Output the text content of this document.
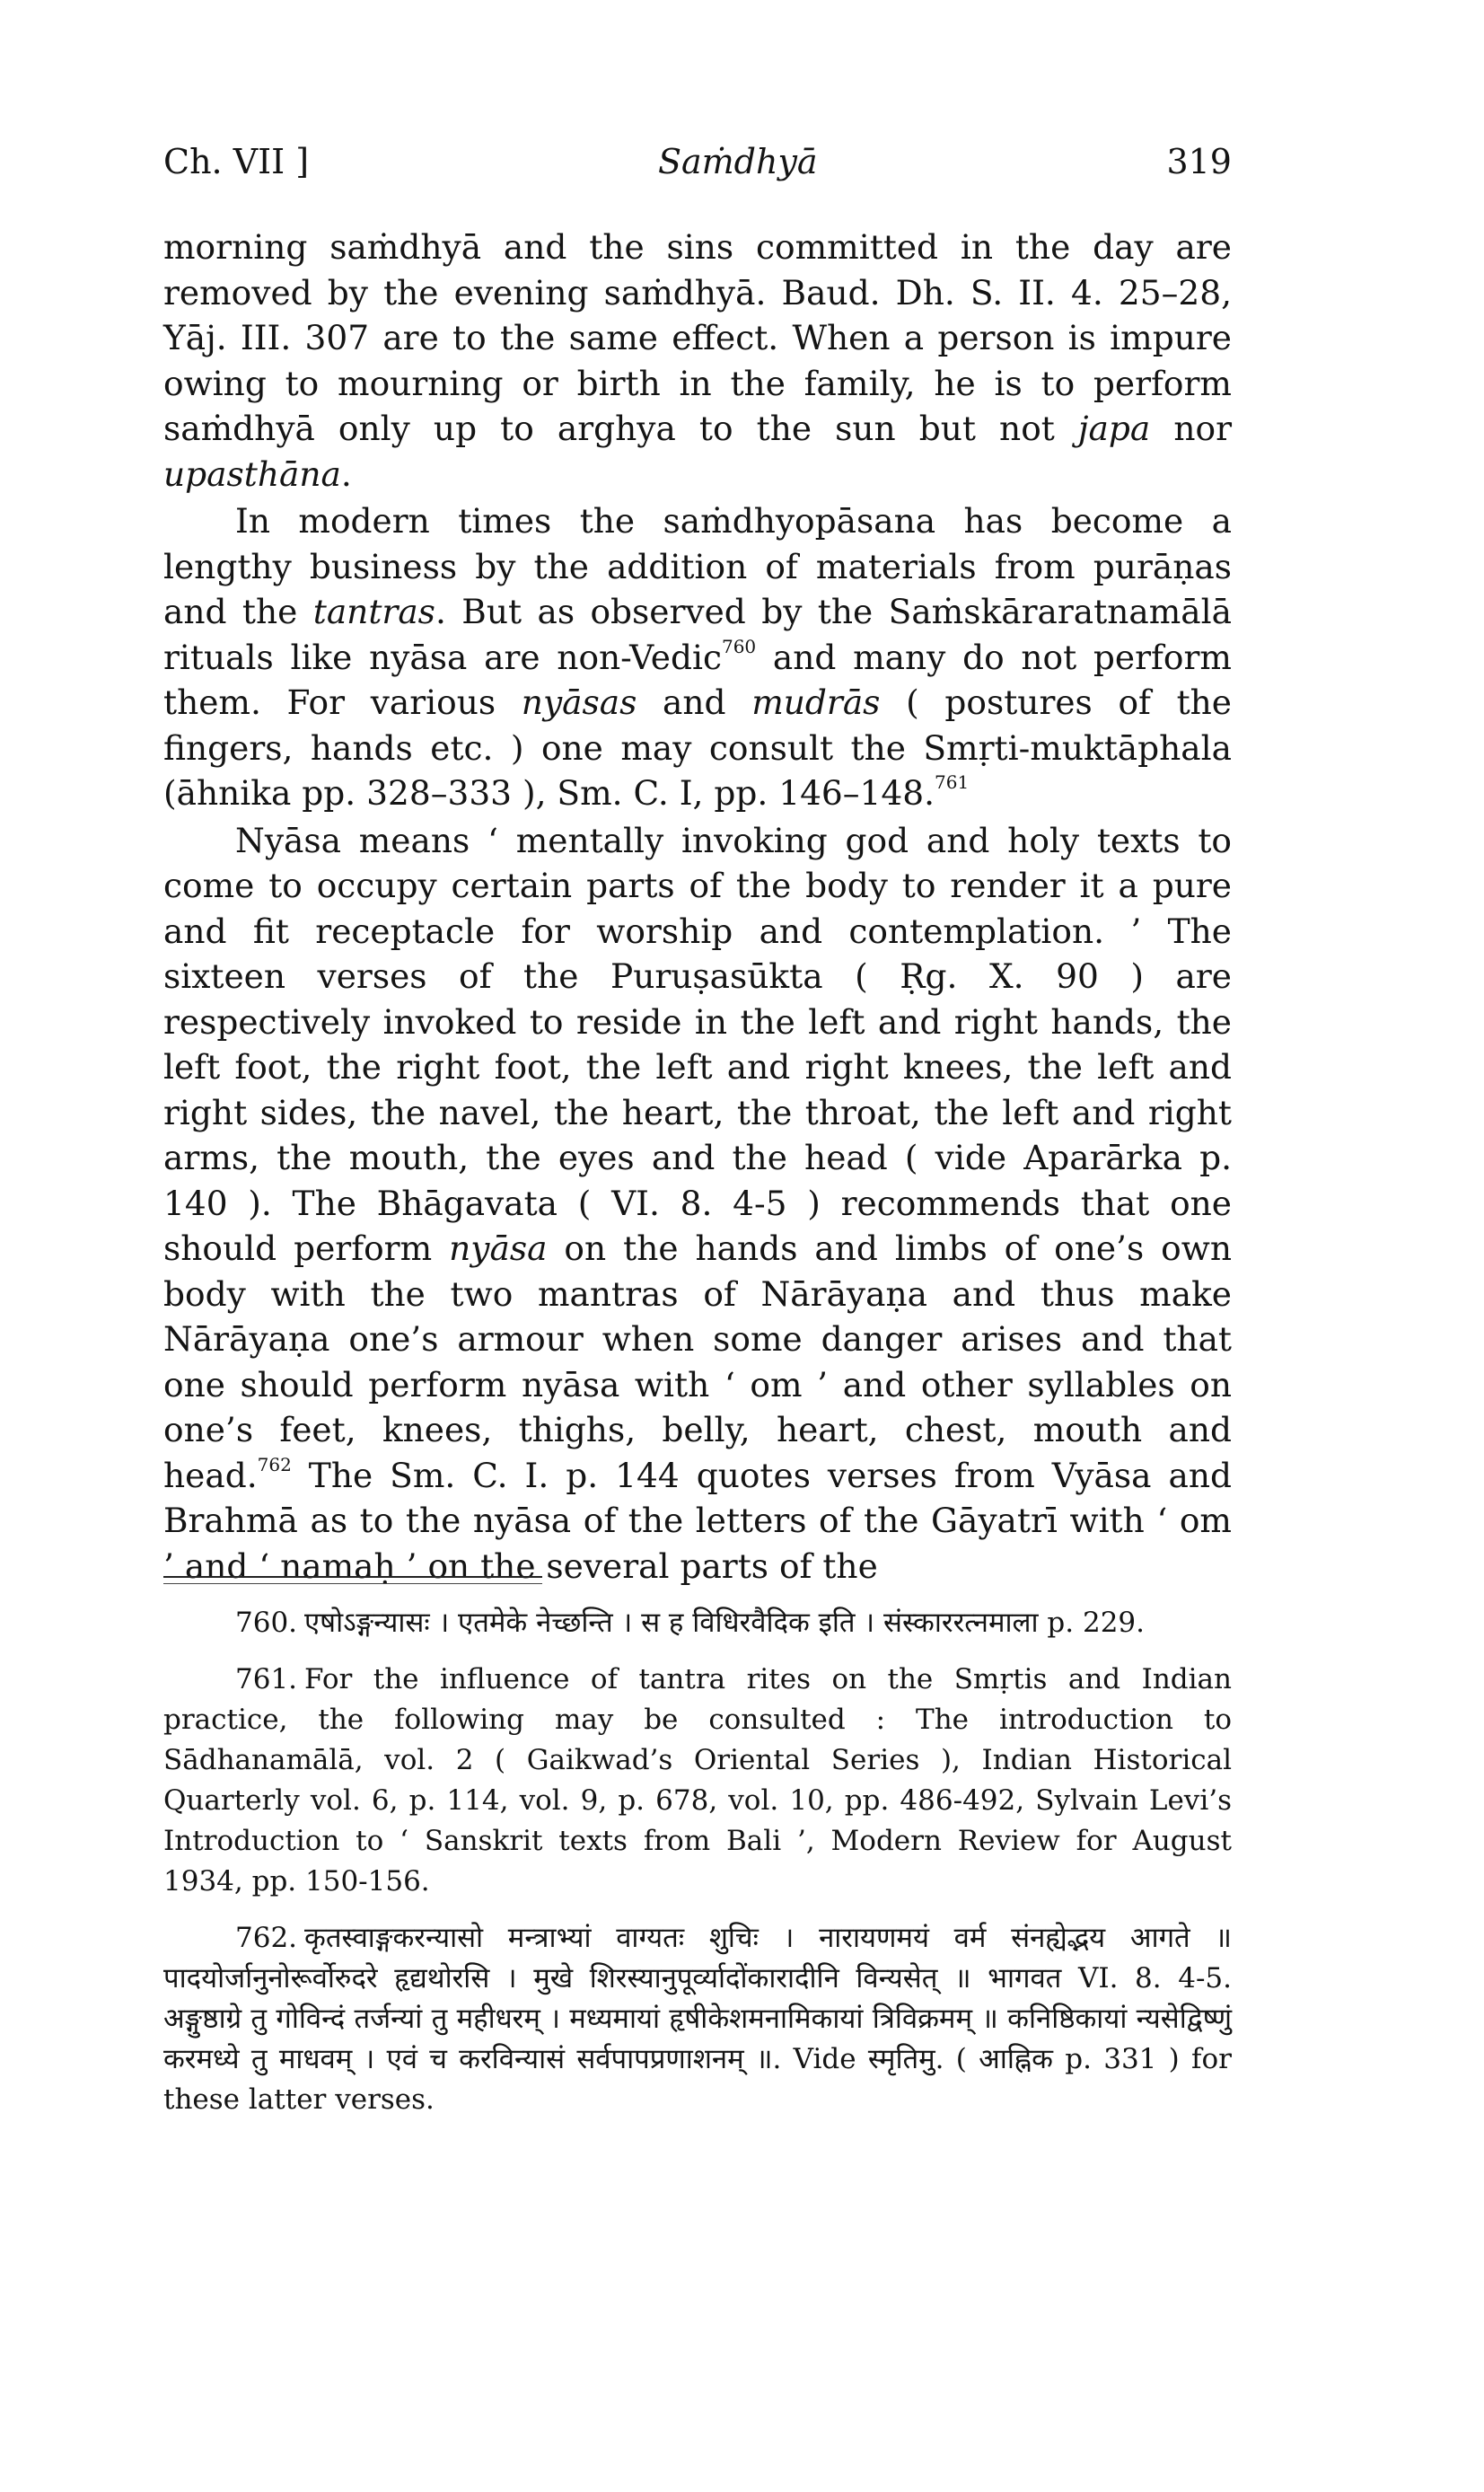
Ch. VII ]	Saṁdhyā	319

morning saṁdhyā and the sins committed in the day are removed by the evening saṁdhyā. Baud. Dh. S. II. 4. 25–28, Yāj. III. 307 are to the same effect. When a person is impure owing to mourning or birth in the family, he is to perform saṁdhyā only up to arghya to the sun but not japa nor upasthāna.

In modern times the saṁdhyopāsana has become a lengthy business by the addition of materials from purāṇas and the tantras. But as observed by the Saṁskāraratnamālā rituals like nyāsa are non-Vedic$^{760}$ and many do not perform them. For various nyāsas and mudrās ( postures of the fingers, hands etc. ) one may consult the Smṛti-muktāphala (āhnika pp. 328–333 ), Sm. C. I, pp. 146–148.$^{761}$

Nyāsa means ‘ mentally invoking god and holy texts to come to occupy certain parts of the body to render it a pure and fit receptacle for worship and contemplation. ’ The sixteen verses of the Puruṣasūkta ( Ṛg. X. 90 ) are respectively invoked to reside in the left and right hands, the left foot, the right foot, the left and right knees, the left and right sides, the navel, the heart, the throat, the left and right arms, the mouth, the eyes and the head ( vide Aparārka p. 140 ). The Bhāgavata ( VI. 8. 4-5 ) recommends that one should perform nyāsa on the hands and limbs of one’s own body with the two mantras of Nārāyaṇa and thus make Nārāyaṇa one’s armour when some danger arises and that one should perform nyāsa with ‘ om ’ and other syllables on one’s feet, knees, thighs, belly, heart, chest, mouth and head.$^{762}$ The Sm. C. I. p. 144 quotes verses from Vyāsa and Brahmā as to the nyāsa of the letters of the Gāyatrī with ‘ om ’ and ‘ namaḥ ’ on the several parts of the

760. एषोऽङ्गन्यासः । एतमेके नेच्छन्ति । स ह विधिरवैदिक इति । संस्काररत्नमाला p. 229.
761. For the influence of tantra rites on the Smṛtis and Indian practice, the following may be consulted : The introduction to Sādhanamālā, vol. 2 ( Gaikwad’s Oriental Series ), Indian Historical Quarterly vol. 6, p. 114, vol. 9, p. 678, vol. 10, pp. 486-492, Sylvain Levi’s Introduction to ‘ Sanskrit texts from Bali ’, Modern Review for August 1934, pp. 150-156.
762. कृतस्वाङ्गकरन्यासो मन्त्राभ्यां वाग्यतः शुचिः । नारायणमयं वर्म संनह्येद्भय आगते ॥ पादयोर्जानुनोरूर्वोरुदरे हृद्यथोरसि । मुखे शिरस्यानुपूर्व्यादोंकारादीनि विन्यसेत् ॥ भागवत VI. 8. 4-5. अङ्गुष्ठाग्रे तु गोविन्दं तर्जन्यां तु महीधरम् । मध्यमायां हृषीकेशमनामिकायां त्रिविक्रमम् ॥ कनिष्ठिकायां न्यसेद्विष्णुं करमध्ये तु माधवम् । एवं च करविन्यासं सर्वपापप्रणाशनम् ॥. Vide स्मृतिमु. ( आह्निक p. 331 ) for these latter verses.
